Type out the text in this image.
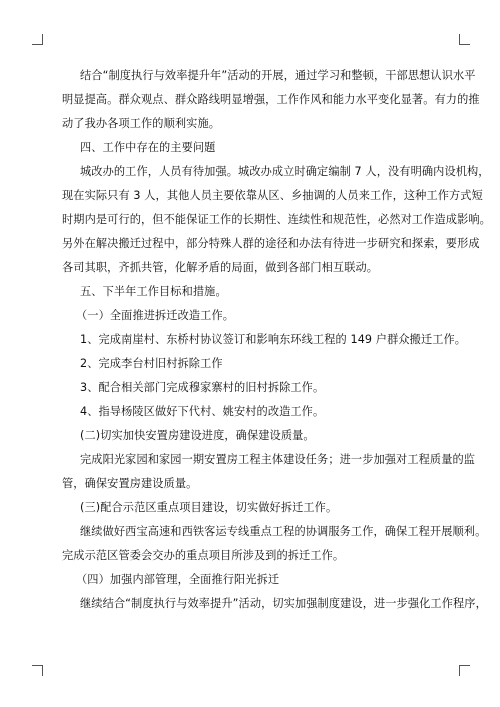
结合“制度执行与效率提升年”活动的开展，通过学习和整顿，干部思想认识水平
明显提高。群众观点、群众路线明显增强，工作作风和能力水平变化显著。有力的推
动了我办各项工作的顺利实施。
四、工作中存在的主要问题
城改办的工作，人员有待加强。城改办成立时确定编制 7 人，没有明确内设机构，
现在实际只有 3 人，其他人员主要依靠从区、乡抽调的人员来工作，这种工作方式短
时期内是可行的，但不能保证工作的长期性、连续性和规范性，必然对工作造成影响。
另外在解决搬迁过程中，部分特殊人群的途径和办法有待进一步研究和探索，要形成
各司其职，齐抓共管，化解矛盾的局面，做到各部门相互联动。
五、下半年工作目标和措施。
（一）全面推进拆迁改造工作。
1、完成南崖村、东桥村协议签订和影响东环线工程的 149 户群众搬迁工作。
2、完成李台村旧村拆除工作
3、配合相关部门完成穆家寨村的旧村拆除工作。
4、指导杨陵区做好下代村、姚安村的改造工作。
(二)切实加快安置房建设进度，确保建设质量。
完成阳光家园和家园一期安置房工程主体建设任务；进一步加强对工程质量的监
管，确保安置房建设质量。
(三)配合示范区重点项目建设，切实做好拆迁工作。
继续做好西宝高速和西铁客运专线重点工程的协调服务工作，确保工程开展顺利。
完成示范区管委会交办的重点项目所涉及到的拆迁工作。
（四）加强内部管理，全面推行阳光拆迁
继续结合“制度执行与效率提升”活动，切实加强制度建设，进一步强化工作程序，
